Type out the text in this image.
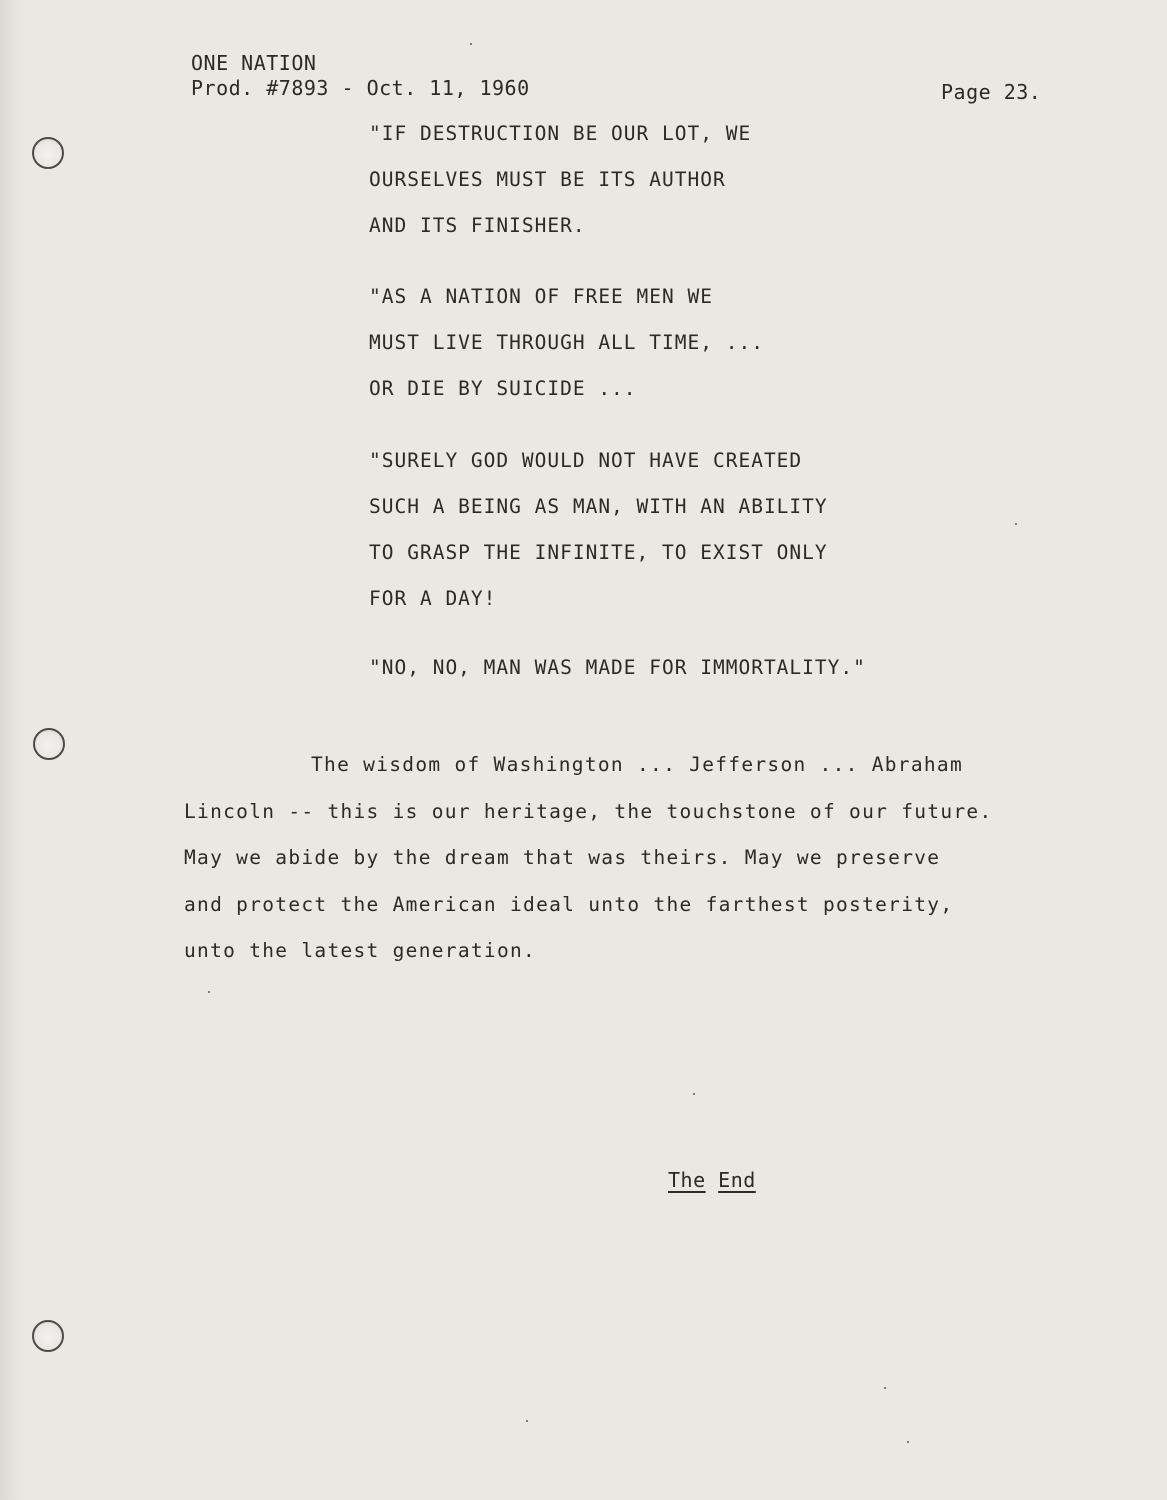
ONE NATION
Prod. #7893 - Oct. 11, 1960	Page 23.
"IF DESTRUCTION BE OUR LOT, WE
OURSELVES MUST BE ITS AUTHOR
AND ITS FINISHER.
"AS A NATION OF FREE MEN WE
MUST LIVE THROUGH ALL TIME, ...
OR DIE BY SUICIDE ...
"SURELY GOD WOULD NOT HAVE CREATED
SUCH A BEING AS MAN, WITH AN ABILITY
TO GRASP THE INFINITE, TO EXIST ONLY
FOR A DAY!
"NO, NO, MAN WAS MADE FOR IMMORTALITY."
The wisdom of Washington ... Jefferson ... Abraham
Lincoln -- this is our heritage, the touchstone of our future.
May we abide by the dream that was theirs. May we preserve
and protect the American ideal unto the farthest posterity,
unto the latest generation.
The End
